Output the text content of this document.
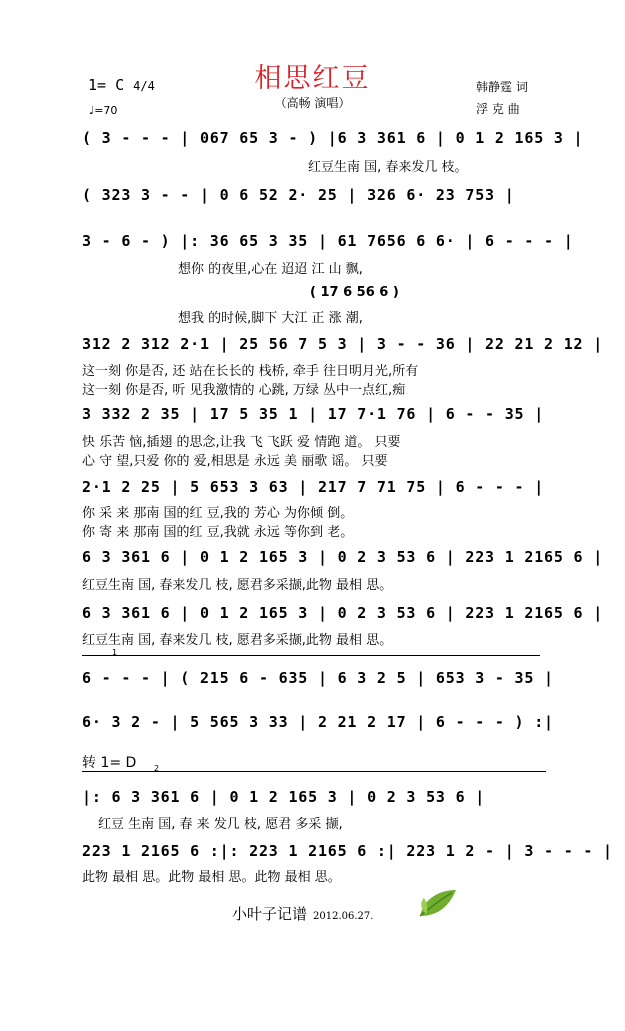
相思红豆
（高畅 演唱）
1= C 4/4
♩=70
韩静霆 词
浮 克 曲
( 3 - - - | 067 65 3 - ) |6 3 361 6 | 0 1 2 165 3 |
红豆生南 国, 春来发几 枝。
( 323 3 - - | 0 6 52 2· 25 | 326 6· 23 753 |
3 - 6 - ) |: 36 65 3 35 | 61 7656 6 6· | 6 - - - |
想你 的夜里,心在 迢迢 江 山 飘,
( 17 6 56 6 )
想我 的时候,脚下 大江 正 涨 潮,
312 2 312 2·1 | 25 56 7 5 3 | 3 - - 36 | 22 21 2 12 |
这一刻 你是否, 还 站在长长的 栈桥, 牵手 往日明月光,所有
这一刻 你是否, 听 见我激情的 心跳, 万绿 丛中一点红,痴
3 332 2 35 | 17 5 35 1 | 17 7·1 76 | 6 - - 35 |
快 乐苦 恼,插翅 的思念,让我 飞 飞跃 爱 情跑 道。 只要
心 守 望,只爱 你的 爱,相思是 永远 美 丽歌 谣。 只要
2·1 2 25 | 5 653 3 63 | 217 7 71 75 | 6 - - - |
你 采 来 那南 国的红 豆,我的 芳心 为你倾 倒。
你 寄 来 那南 国的红 豆,我就 永远 等你到 老。
6 3 361 6 | 0 1 2 165 3 | 0 2 3 53 6 | 223 1 2165 6 |
红豆生南 国, 春来发几 枝, 愿君多采撷,此物 最相 思。
6 3 361 6 | 0 1 2 165 3 | 0 2 3 53 6 | 223 1 2165 6 |
红豆生南 国, 春来发几 枝, 愿君多采撷,此物 最相 思。
1
6 - - - | ( 215 6 - 635 | 6 3 2 5 | 653 3 - 35 |
6· 3 2 - | 5 565 3 33 | 2 21 2 17 | 6 - - - ) :|
转 1= D 2
|: 6 3 361 6 | 0 1 2 165 3 | 0 2 3 53 6 |
红豆 生南 国, 春 来 发几 枝, 愿君 多采 撷,
223 1 2165 6 :|: 223 1 2165 6 :| 223 1 2 - | 3 - - - |
此物 最相 思。此物 最相 思。此物 最相 思。
小叶子记谱 2012.06.27.
